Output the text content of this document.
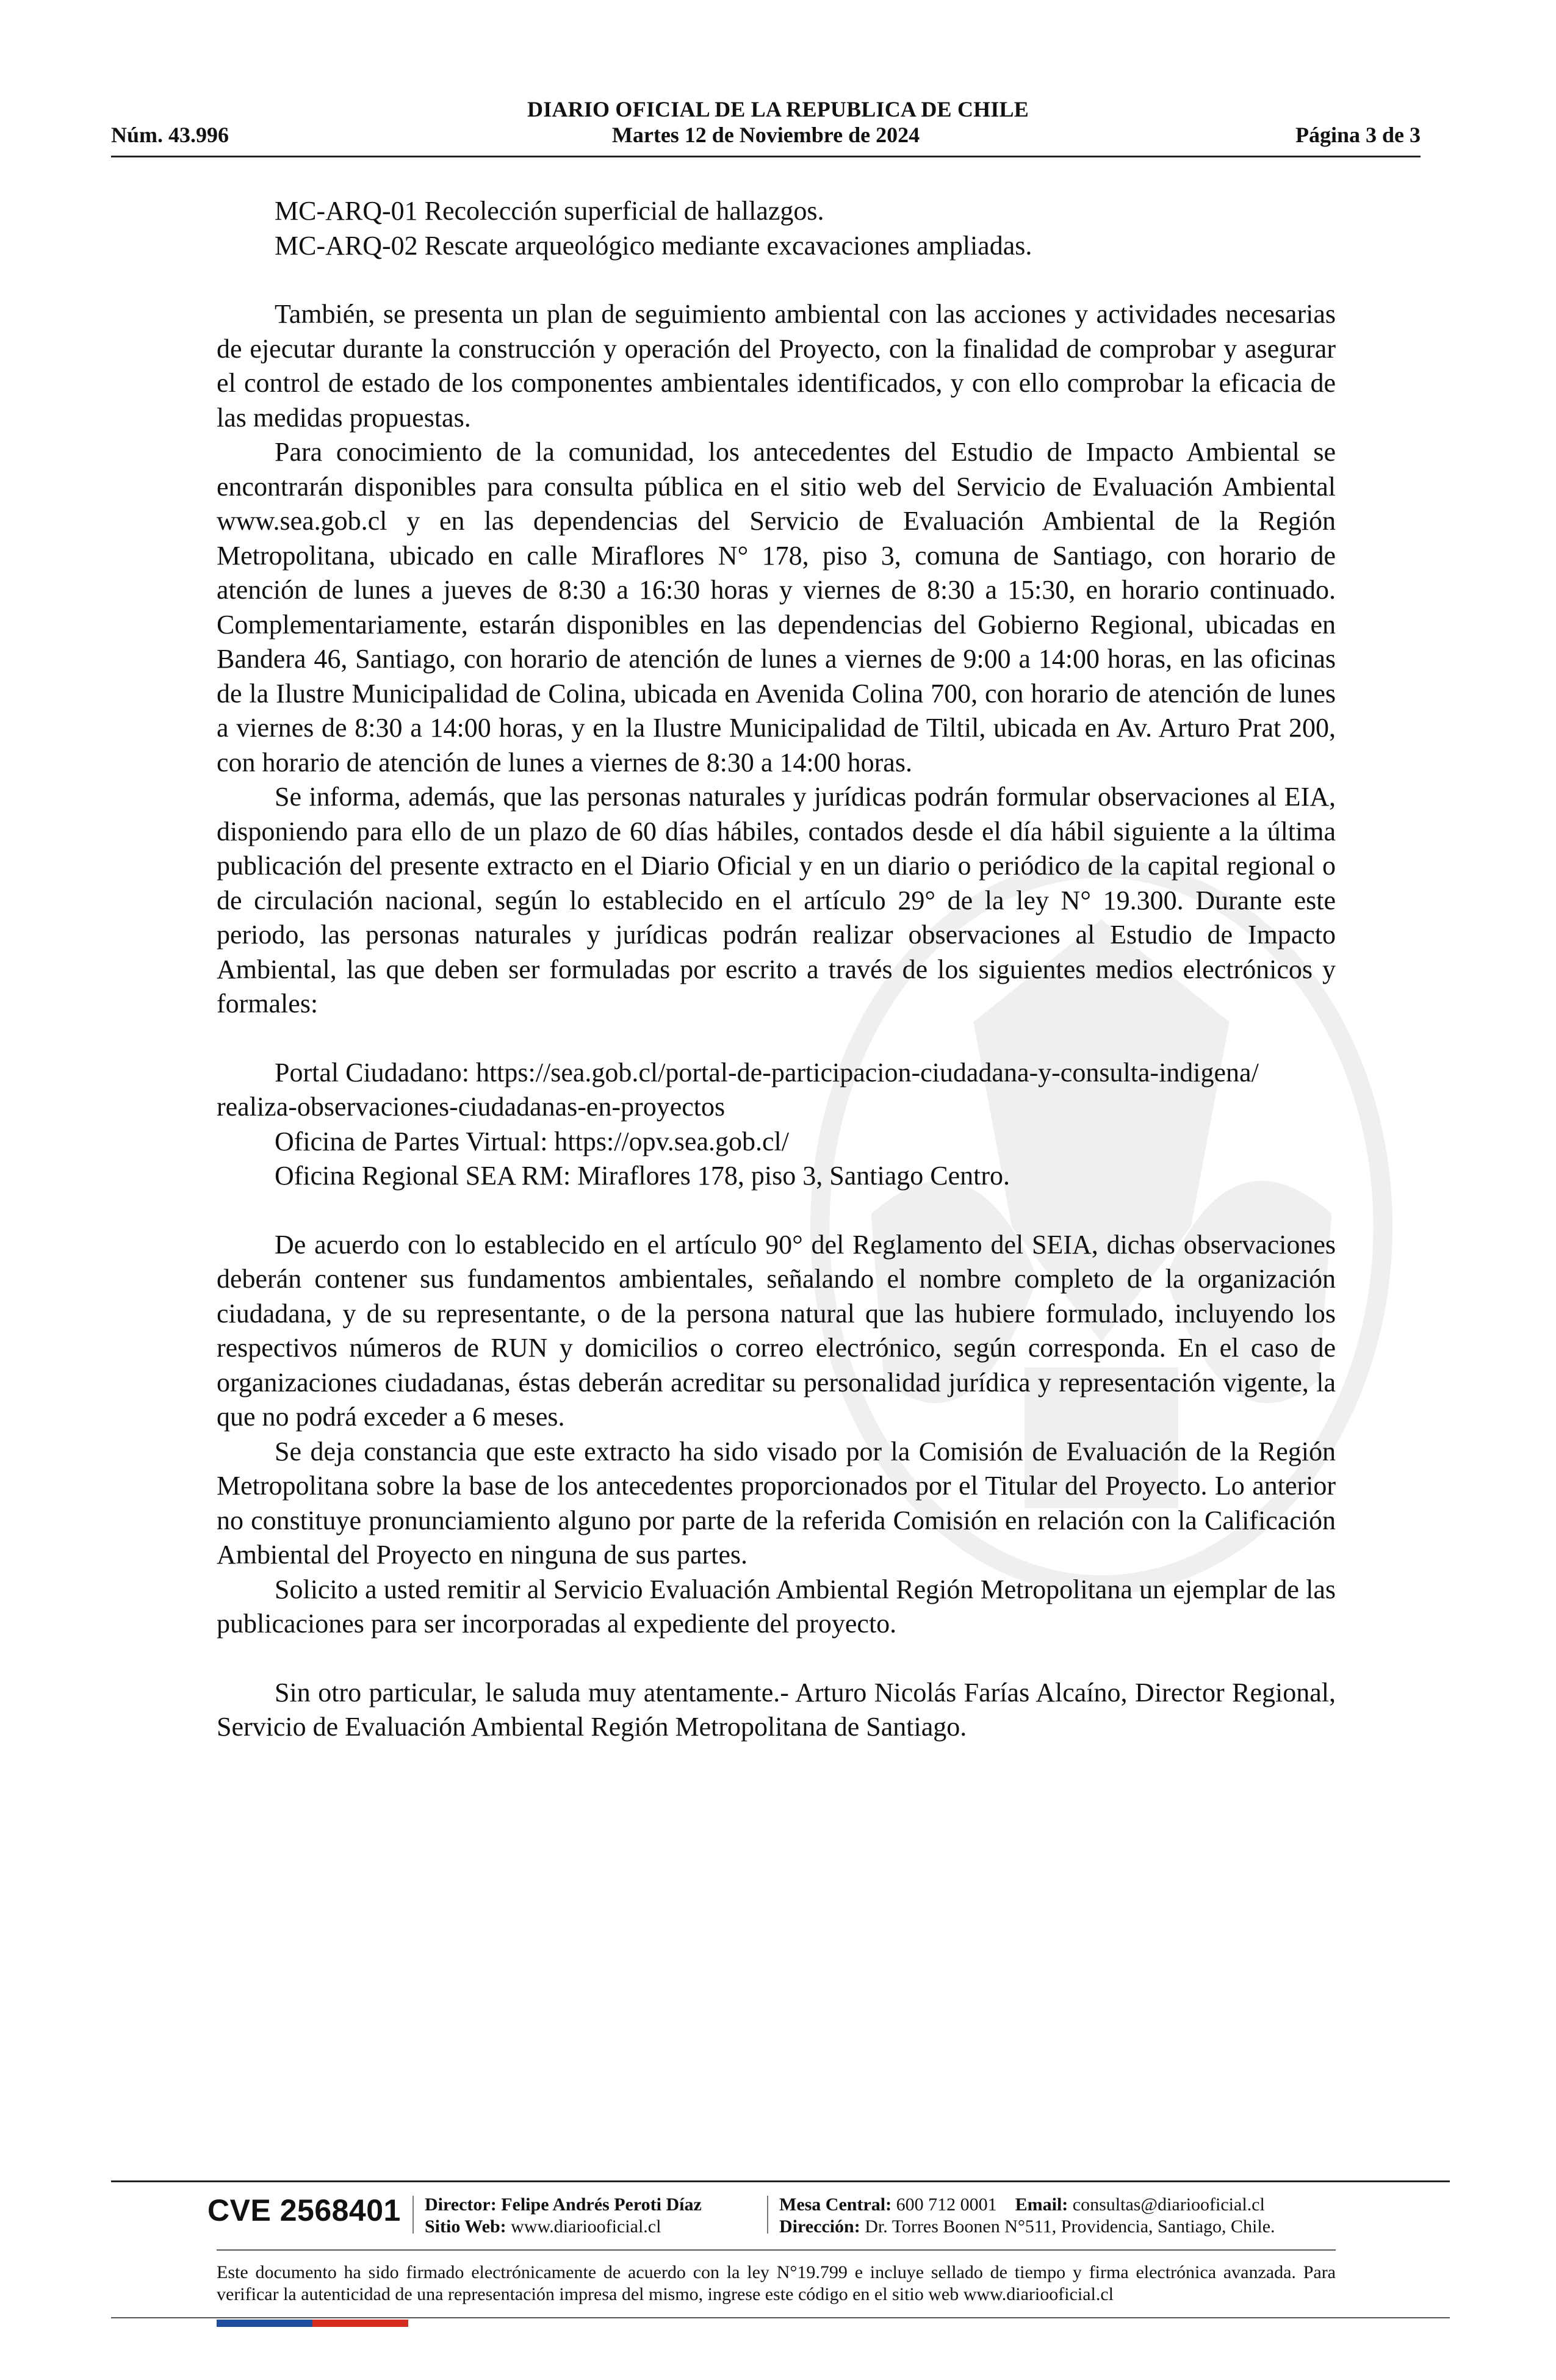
DIARIO OFICIAL DE LA REPUBLICA DE CHILE
Núm. 43.996	Martes 12 de Noviembre de 2024	Página 3 de 3

MC-ARQ-01 Recolección superficial de hallazgos.

MC-ARQ-02 Rescate arqueológico mediante excavaciones ampliadas.

También, se presenta un plan de seguimiento ambiental con las acciones y actividades necesarias de ejecutar durante la construcción y operación del Proyecto, con la finalidad de comprobar y asegurar el control de estado de los componentes ambientales identificados, y con ello comprobar la eficacia de las medidas propuestas.

Para conocimiento de la comunidad, los antecedentes del Estudio de Impacto Ambiental se encontrarán disponibles para consulta pública en el sitio web del Servicio de Evaluación Ambiental www.sea.gob.cl y en las dependencias del Servicio de Evaluación Ambiental de la Región Metropolitana, ubicado en calle Miraflores N° 178, piso 3, comuna de Santiago, con horario de atención de lunes a jueves de 8:30 a 16:30 horas y viernes de 8:30 a 15:30, en horario continuado. Complementariamente, estarán disponibles en las dependencias del Gobierno Regional, ubicadas en Bandera 46, Santiago, con horario de atención de lunes a viernes de 9:00 a 14:00 horas, en las oficinas de la Ilustre Municipalidad de Colina, ubicada en Avenida Colina 700, con horario de atención de lunes a viernes de 8:30 a 14:00 horas, y en la Ilustre Municipalidad de Tiltil, ubicada en Av. Arturo Prat 200, con horario de atención de lunes a viernes de 8:30 a 14:00 horas.

Se informa, además, que las personas naturales y jurídicas podrán formular observaciones al EIA, disponiendo para ello de un plazo de 60 días hábiles, contados desde el día hábil siguiente a la última publicación del presente extracto en el Diario Oficial y en un diario o periódico de la capital regional o de circulación nacional, según lo establecido en el artículo 29° de la ley N° 19.300. Durante este periodo, las personas naturales y jurídicas podrán realizar observaciones al Estudio de Impacto Ambiental, las que deben ser formuladas por escrito a través de los siguientes medios electrónicos y formales:

Portal Ciudadano: https://sea.gob.cl/portal-de-participacion-ciudadana-y-consulta-indigena/

realiza-observaciones-ciudadanas-en-proyectos

Oficina de Partes Virtual: https://opv.sea.gob.cl/

Oficina Regional SEA RM: Miraflores 178, piso 3, Santiago Centro.

De acuerdo con lo establecido en el artículo 90° del Reglamento del SEIA, dichas observaciones deberán contener sus fundamentos ambientales, señalando el nombre completo de la organización ciudadana, y de su representante, o de la persona natural que las hubiere formulado, incluyendo los respectivos números de RUN y domicilios o correo electrónico, según corresponda. En el caso de organizaciones ciudadanas, éstas deberán acreditar su personalidad jurídica y representación vigente, la que no podrá exceder a 6 meses.

Se deja constancia que este extracto ha sido visado por la Comisión de Evaluación de la Región Metropolitana sobre la base de los antecedentes proporcionados por el Titular del Proyecto. Lo anterior no constituye pronunciamiento alguno por parte de la referida Comisión en relación con la Calificación Ambiental del Proyecto en ninguna de sus partes.

Solicito a usted remitir al Servicio Evaluación Ambiental Región Metropolitana un ejemplar de las publicaciones para ser incorporadas al expediente del proyecto.

Sin otro particular, le saluda muy atentamente.- Arturo Nicolás Farías Alcaíno, Director Regional, Servicio de Evaluación Ambiental Región Metropolitana de Santiago.

CVE 2568401 Director: Felipe Andrés Peroti Díaz
Sitio Web: www.diariooficial.cl
Mesa Central: 600 712 0001 Email: consultas@diariooficial.cl
Dirección: Dr. Torres Boonen N°511, Providencia, Santiago, Chile.
Este documento ha sido firmado electrónicamente de acuerdo con la ley N°19.799 e incluye sellado de tiempo y firma electrónica avanzada. Para verificar la autenticidad de una representación impresa del mismo, ingrese este código en el sitio web www.diariooficial.cl
